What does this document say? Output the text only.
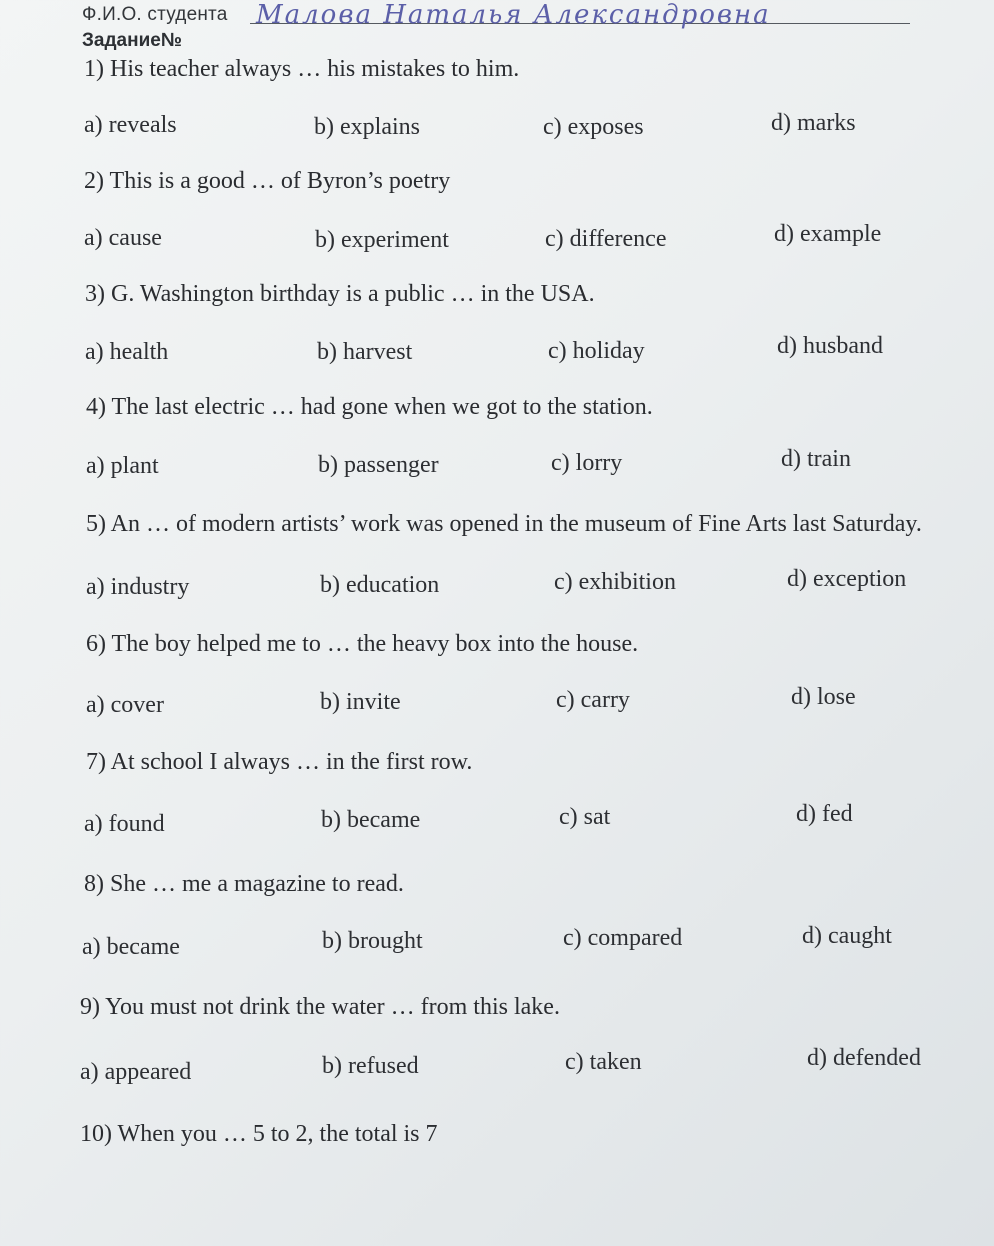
Ф.И.О. студента Малова Наталья Александровна
Задание№
1) His teacher always … his mistakes to him.
a) reveals	b) explains	c) exposes	d) marks
2) This is a good … of Byron’s poetry
a) cause	b) experiment	c) difference	d) example
3) G. Washington birthday is a public … in the USA.
a) health	b) harvest	c) holiday	d) husband
4) The last electric … had gone when we got to the station.
a) plant	b) passenger	c) lorry	d) train
5) An … of modern artists’ work was opened in the museum of Fine Arts last Saturday.
a) industry	b) education	c) exhibition	d) exception
6) The boy helped me to … the heavy box into the house.
a) cover	b) invite	c) carry	d) lose
7) At school I always … in the first row.
a) found	b) became	c) sat	d) fed
8) She … me a magazine to read.
a) became	b) brought	c) compared	d) caught
9) You must not drink the water … from this lake.
a) appeared	b) refused	c) taken	d) defended
10) When you … 5 to 2, the total is 7
